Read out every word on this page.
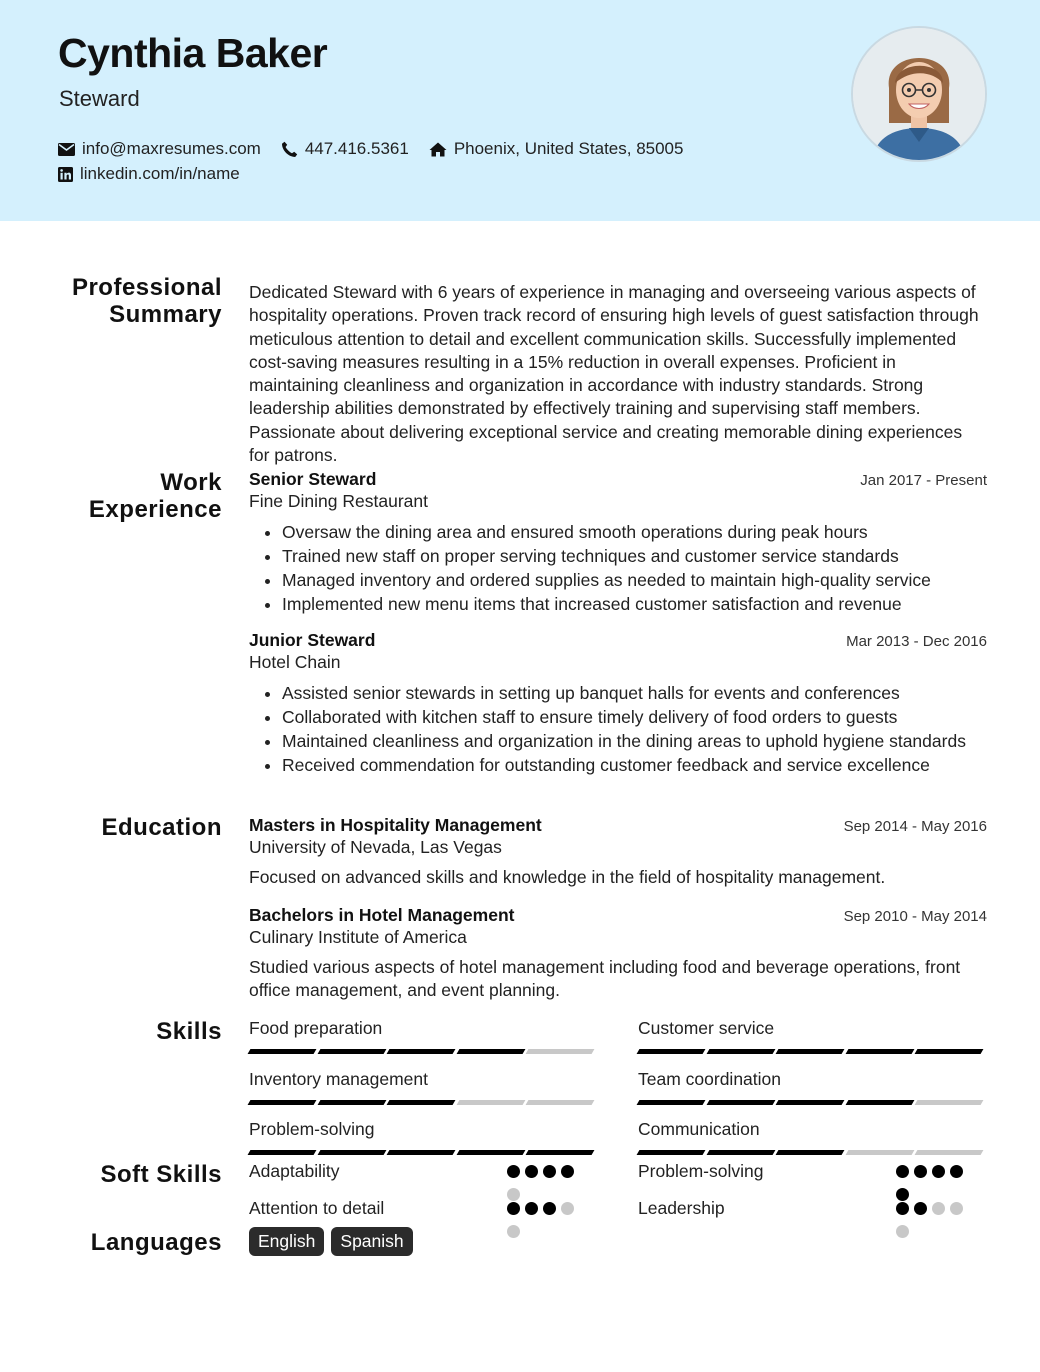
Cynthia Baker
Steward
info@maxresumes.com	447.416.5361	Phoenix, United States, 85005
linkedin.com/in/name
Professional Summary

Dedicated Steward with 6 years of experience in managing and overseeing various aspects of hospitality operations. Proven track record of ensuring high levels of guest satisfaction through meticulous attention to detail and excellent communication skills. Successfully implemented cost-saving measures resulting in a 15% reduction in overall expenses. Proficient in maintaining cleanliness and organization in accordance with industry standards. Strong leadership abilities demonstrated by effectively training and supervising staff members. Passionate about delivering exceptional service and creating memorable dining experiences for patrons.

Work Experience
Senior Steward	Jan 2017 - Present
Fine Dining Restaurant
• Oversaw the dining area and ensured smooth operations during peak hours
• Trained new staff on proper serving techniques and customer service standards
• Managed inventory and ordered supplies as needed to maintain high-quality service
• Implemented new menu items that increased customer satisfaction and revenue
Junior Steward	Mar 2013 - Dec 2016
Hotel Chain
• Assisted senior stewards in setting up banquet halls for events and conferences
• Collaborated with kitchen staff to ensure timely delivery of food orders to guests
• Maintained cleanliness and organization in the dining areas to uphold hygiene standards
• Received commendation for outstanding customer feedback and service excellence
Education Masters in Hospitality Management	Sep 2014 - May 2016
University of Nevada, Las Vegas

Focused on advanced skills and knowledge in the field of hospitality management.

Bachelors in Hotel Management	Sep 2010 - May 2014
Culinary Institute of America

Studied various aspects of hotel management including food and beverage operations, front office management, and event planning.

Skills Food preparation	Customer service
Inventory management	Team coordination
Problem-solving	Communication
Soft Skills Adaptability	Problem-solving
Attention to detail	Leadership
Languages	English	Spanish
